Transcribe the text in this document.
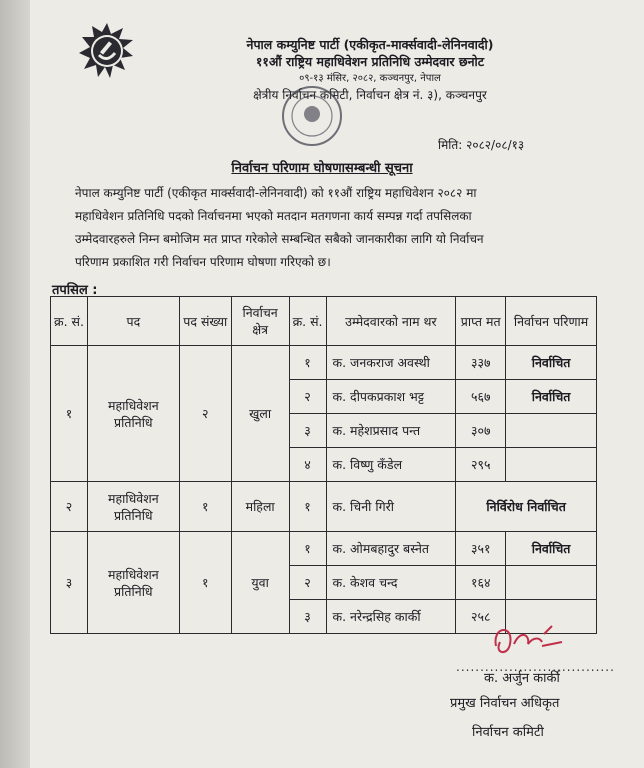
नेपाल कम्युनिष्ट पार्टी (एकीकृत-मार्क्सवादी-लेनिनवादी)
११औं राष्ट्रिय महाधिवेशन प्रतिनिधि उम्मेदवार छनोट
०९-१३ मंसिर, २०८२, कञ्चनपुर, नेपाल
क्षेत्रीय निर्वाचन कमिटी, निर्वाचन क्षेत्र नं. ३), कञ्चनपुर
मिति: २०८२/०८/१३
निर्वाचन परिणाम घोषणासम्बन्धी सूचना
नेपाल कम्युनिष्ट पार्टी (एकीकृत मार्क्सवादी-लेनिनवादी) को ११औं राष्ट्रिय महाधिवेशन २०८२ मा
महाधिवेशन प्रतिनिधि पदको निर्वाचनमा भएको मतदान मतगणना कार्य सम्पन्न गर्दा तपसिलका
उम्मेदवारहरुले निम्न बमोजिम मत प्राप्त गरेकोले सम्बन्धित सबैको जानकारीका लागि यो निर्वाचन
परिणाम प्रकाशित गरी निर्वाचन परिणाम घोषणा गरिएको छ।
तपसिल :
क्र. सं.	पद	पद संख्या	निर्वाचन क्षेत्र	क्र. सं.	उम्मेदवारको नाम थर	प्राप्त मत	निर्वाचन परिणाम
१	महाधिवेशन प्रतिनिधि	२	खुला	१	क. जनकराज अवस्थी	३३७	निर्वाचित
				२	क. दीपकप्रकाश भट्ट	५६७	निर्वाचित
				३	क. महेशप्रसाद पन्त	३०७	
				४	क. विष्णु कँडेल	२९५	
२	महाधिवेशन प्रतिनिधि	१	महिला	१	क. चिनी गिरी	निर्विरोध निर्वाचित	
३	महाधिवेशन प्रतिनिधि	१	युवा	१	क. ओमबहादुर बस्नेत	३५१	निर्वाचित
				२	क. केशव चन्द	१६४	
				३	क. नरेन्द्रसिह कार्की	२५८	
.................................
क. अर्जुन कार्की
प्रमुख निर्वाचन अधिकृत
निर्वाचन कमिटी
